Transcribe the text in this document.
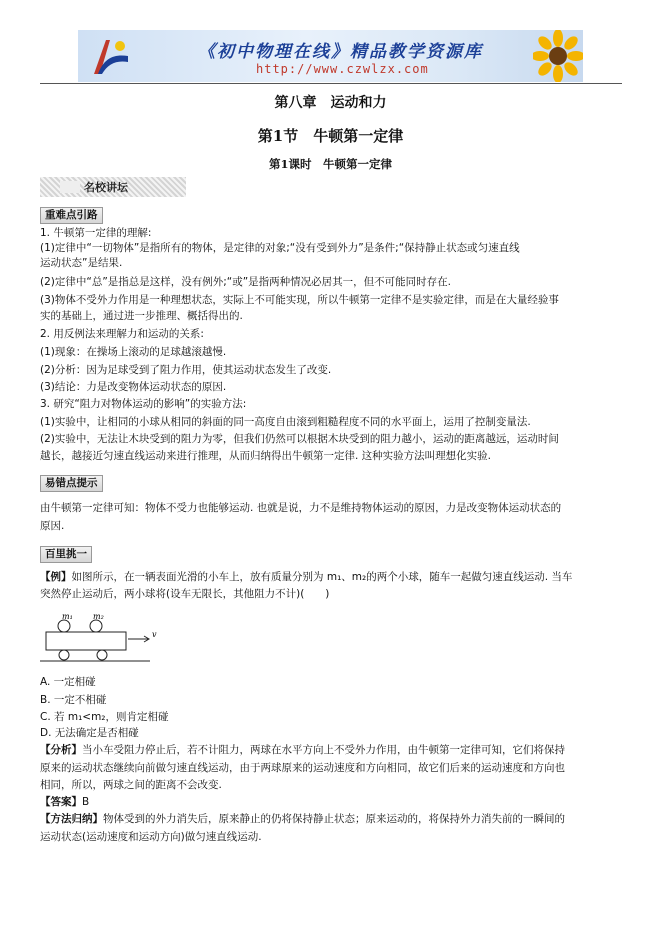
《初中物理在线》精品教学资源库
http://www.czwlzx.com
第八章　运动和力
第1节　牛顿第一定律
第1课时　牛顿第一定律
名校讲坛
重难点引路
1. 牛顿第一定律的理解:
(1)定律中“一切物体”是指所有的物体，是定律的对象;“没有受到外力”是条件;“保持静止状态或匀速直线
运动状态”是结果.
(2)定律中“总”是指总是这样，没有例外;“或”是指两种情况必居其一，但不可能同时存在.
(3)物体不受外力作用是一种理想状态，实际上不可能实现，所以牛顿第一定律不是实验定律，而是在大量经验事
实的基础上，通过进一步推理、概括得出的.
2. 用反例法来理解力和运动的关系:
(1)现象：在操场上滚动的足球越滚越慢.
(2)分析：因为足球受到了阻力作用，使其运动状态发生了改变.
(3)结论：力是改变物体运动状态的原因.
3. 研究“阻力对物体运动的影响”的实验方法:
(1)实验中，让相同的小球从相同的斜面的同一高度自由滚到粗糙程度不同的水平面上，运用了控制变量法.
(2)实验中，无法让木块受到的阻力为零，但我们仍然可以根据木块受到的阻力越小，运动的距离越远，运动时间
越长，越接近匀速直线运动来进行推理，从而归纳得出牛顿第一定律. 这种实验方法叫理想化实验.
易错点提示
由牛顿第一定律可知：物体不受力也能够运动. 也就是说，力不是维持物体运动的原因，力是改变物体运动状态的
原因.
百里挑一
【例】如图所示，在一辆表面光滑的小车上，放有质量分别为 m₁、m₂的两个小球，随车一起做匀速直线运动. 当车
突然停止运动后，两小球将(设车无限长，其他阻力不计)(　　)
m₁	m₂
v
A. 一定相碰
B. 一定不相碰
C. 若 m₁<m₂，则肯定相碰
D. 无法确定是否相碰
【分析】当小车受阻力停止后，若不计阻力，两球在水平方向上不受外力作用，由牛顿第一定律可知，它们将保持
原来的运动状态继续向前做匀速直线运动，由于两球原来的运动速度和方向相同，故它们后来的运动速度和方向也
相同，所以，两球之间的距离不会改变.
【答案】B
【方法归纳】物体受到的外力消失后，原来静止的仍将保持静止状态；原来运动的，将保持外力消失前的一瞬间的
运动状态(运动速度和运动方向)做匀速直线运动.
